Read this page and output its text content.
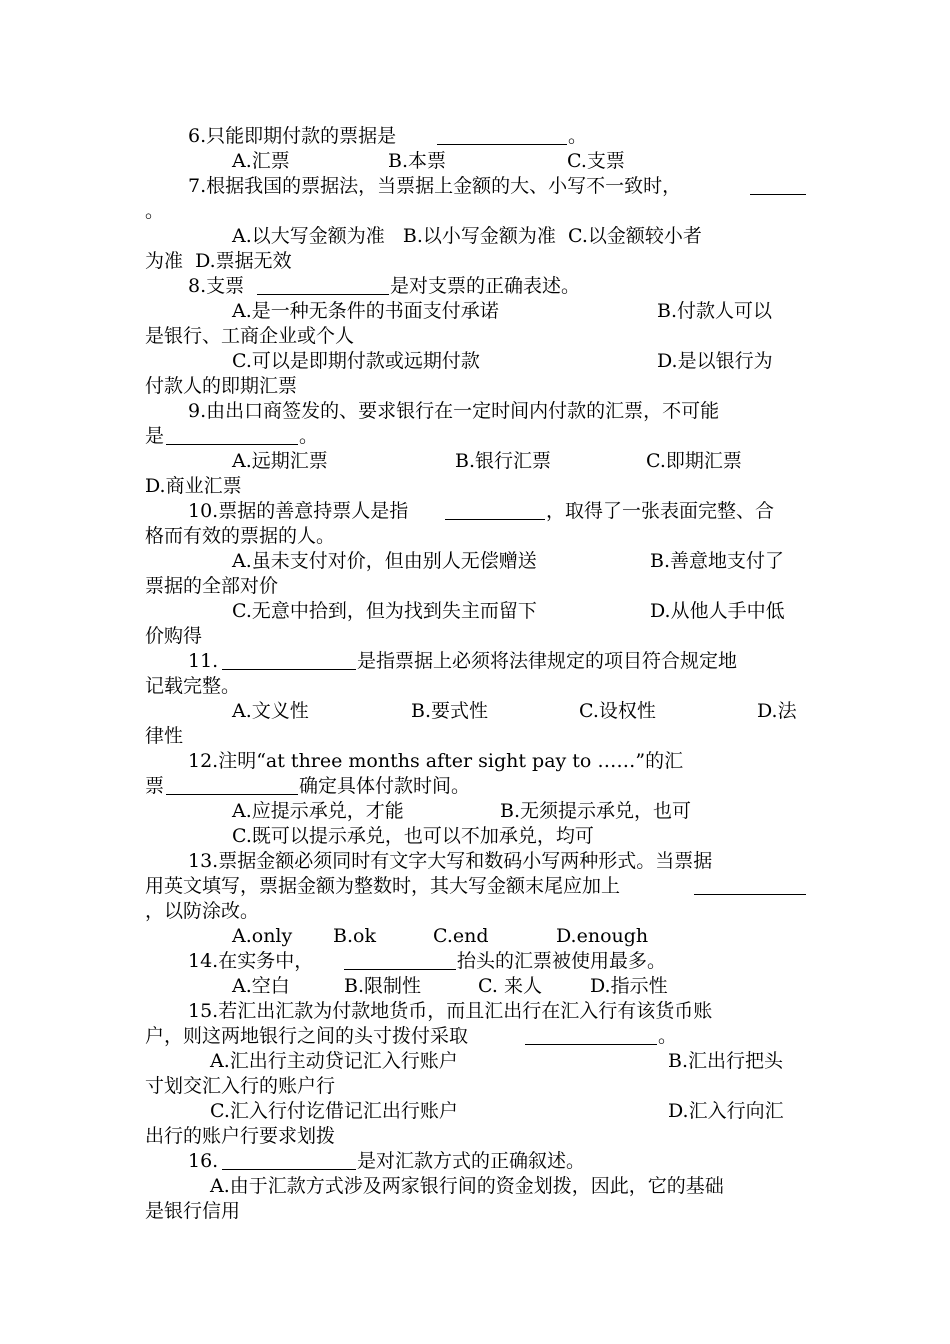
6.只能即期付款的票据是	。
A.汇票	B.本票	C.支票
7.根据我国的票据法，当票据上金额的大、小写不一致时，
。
A.以大写金额为准   B.以小写金额为准  C.以金额较小者
为准  D.票据无效
8.支票	是对支票的正确表述。
A.是一种无条件的书面支付承诺	B.付款人可以
是银行、工商企业或个人
C.可以是即期付款或远期付款	D.是以银行为
付款人的即期汇票
9.由出口商签发的、要求银行在一定时间内付款的汇票，不可能
是	。
A.远期汇票	B.银行汇票	C.即期汇票
D.商业汇票
10.票据的善意持票人是指	，取得了一张表面完整、合
格而有效的票据的人。
A.虽未支付对价，但由别人无偿赠送	B.善意地支付了
票据的全部对价
C.无意中拾到，但为找到失主而留下	D.从他人手中低
价购得
11.	是指票据上必须将法律规定的项目符合规定地
记载完整。
A.文义性	B.要式性	C.设权性	D.法
律性
12.注明“at three months after sight pay to ……”的汇
票	确定具体付款时间。
A.应提示承兑，才能	B.无须提示承兑，也可
C.既可以提示承兑，也可以不加承兑，均可
13.票据金额必须同时有文字大写和数码小写两种形式。当票据
用英文填写，票据金额为整数时，其大写金额末尾应加上
，以防涂改。
A.only B.ok	C.end	D.enough
14.在实务中，	抬头的汇票被使用最多。
A.空白	B.限制性	C. 来人	D.指示性
15.若汇出汇款为付款地货币，而且汇出行在汇入行有该货币账
户，则这两地银行之间的头寸拨付采取	。
A.汇出行主动贷记汇入行账户	B.汇出行把头
寸划交汇入行的账户行
C.汇入行付讫借记汇出行账户	D.汇入行向汇
出行的账户行要求划拨
16.	是对汇款方式的正确叙述。
A.由于汇款方式涉及两家银行间的资金划拨，因此，它的基础
是银行信用
